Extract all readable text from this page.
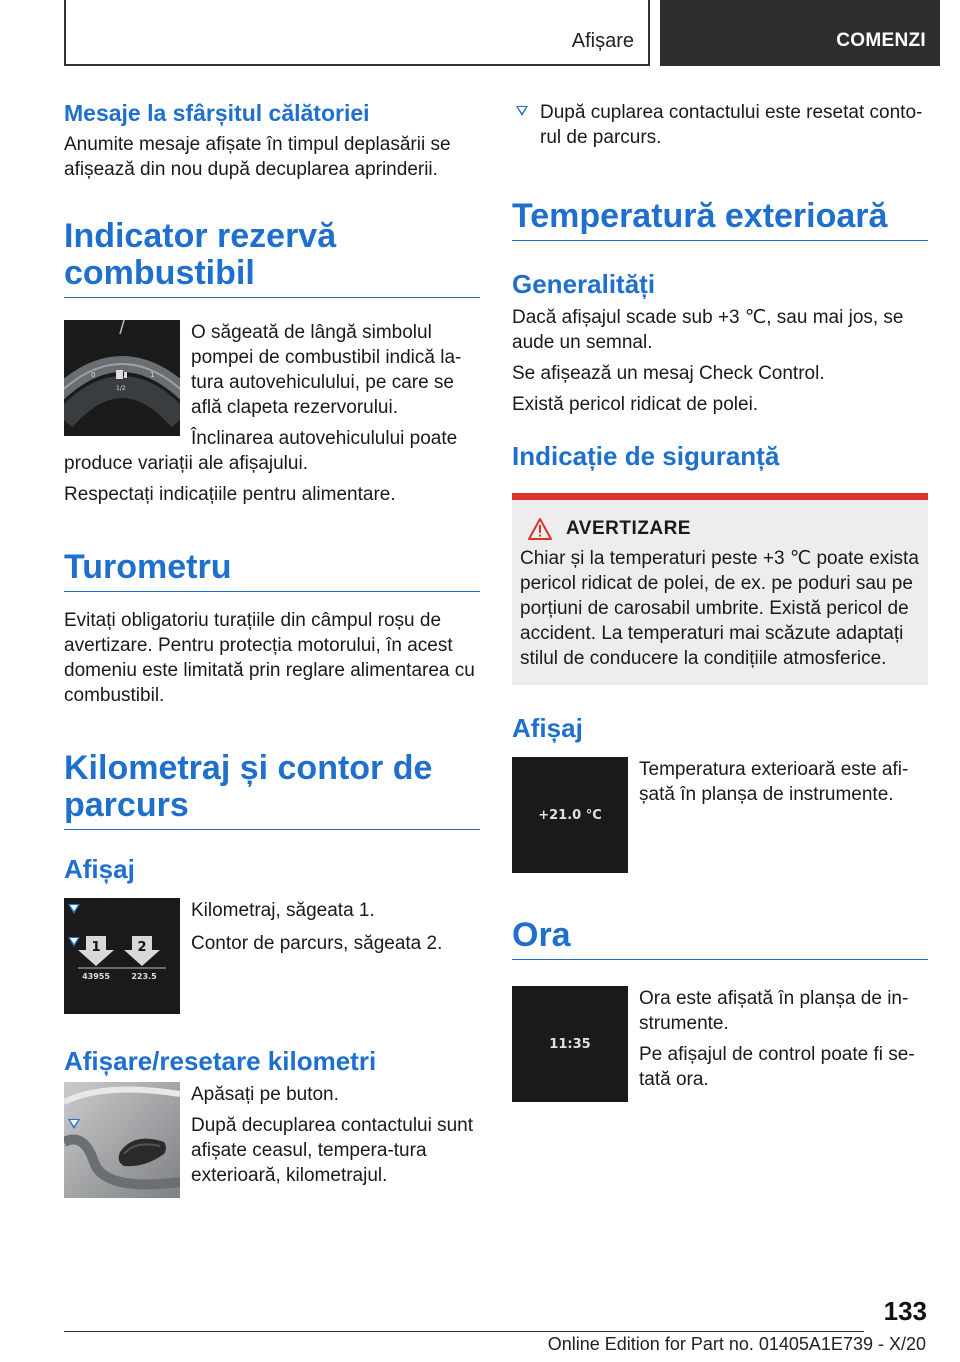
Afișare	COMENZI
Mesaje la sfârșitul călătoriei

Anumite mesaje afișate în timpul deplasării se afișează din nou după decuplarea aprinderii.

Indicator rezervă combustibil
0
1/2
1

O săgeată de lângă simbolul pompei de combustibil indică la-tura autovehiculului, pe care se află clapeta rezervorului.

Înclinarea autovehiculului poate produce variații ale afișajului.

Respectați indicațiile pentru alimentare.

Turometru

Evitați obligatoriu turațiile din câmpul roșu de avertizare. Pentru protecția motorului, în acest domeniu este limitată prin reglare alimentarea cu combustibil.

Kilometraj și contor de parcurs
Afișaj
1	2
43955	223.5
Kilometraj, săgeata 1.
Contor de parcurs, săgeata 2.
Afișare/resetare kilometri

Apăsați pe buton.

După decuplarea contactului sunt afișate ceasul, tempera-tura exterioară, kilometrajul.
După cuplarea contactului este resetat conto-rul de parcurs.
Temperatură exterioară
Generalități

Dacă afișajul scade sub +3 ℃, sau mai jos, se aude un semnal.

Se afișează un mesaj Check Control.

Există pericol ridicat de polei.

Indicație de siguranță
AVERTIZARE

Chiar și la temperaturi peste +3 ℃ poate exista pericol ridicat de polei, de ex. pe poduri sau pe porțiuni de carosabil umbrite. Există pericol de accident. La temperaturi mai scăzute adaptați stilul de conducere la condițiile atmosferice.

Afișaj
+21.0 °C

Temperatura exterioară este afi-șată în planșa de instrumente.

Ora
11:35

Ora este afișată în planșa de in-strumente.

Pe afișajul de control poate fi se-tată ora.

133
Online Edition for Part no. 01405A1E739 - X/20
